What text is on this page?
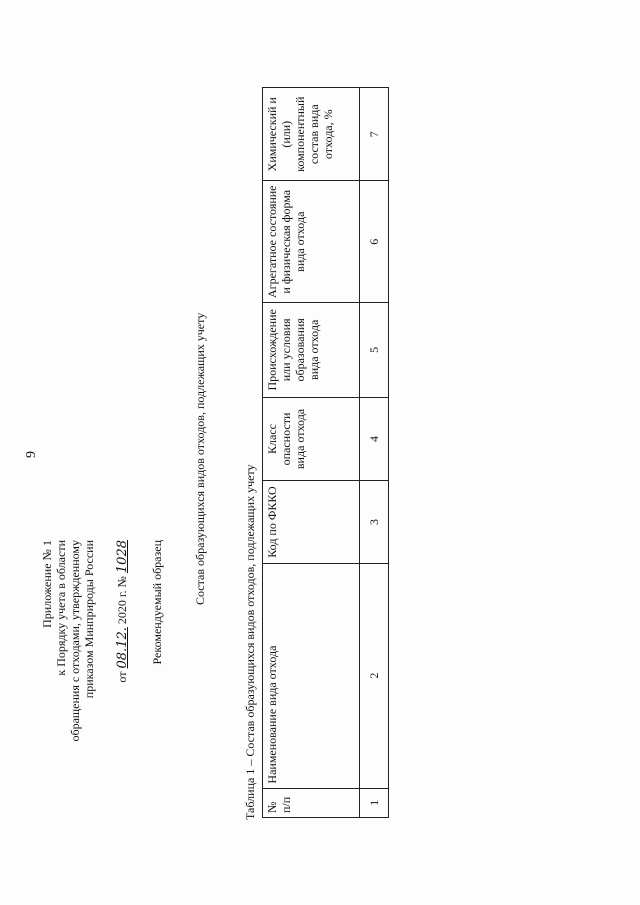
9
Приложение № 1 к Порядку учета в области обращения с отходами, утвержденному приказом Минприроды России от 08.12. 2020 г. № 1028 Рекомендуемый образец Состав образующихся видов отходов, подлежащих учету
Таблица 1 – Состав образующихся видов отходов, подлежащих учету № п/п	Наименование вида отхода	Код по ФККО	Класс опасности вида отхода	Происхождение или условия образования вида отхода	Агрегатное состояние и физическая форма вида отхода	Химический и (или) компонентный состав вида отхода, %
1	2	3	4	5	6	7
